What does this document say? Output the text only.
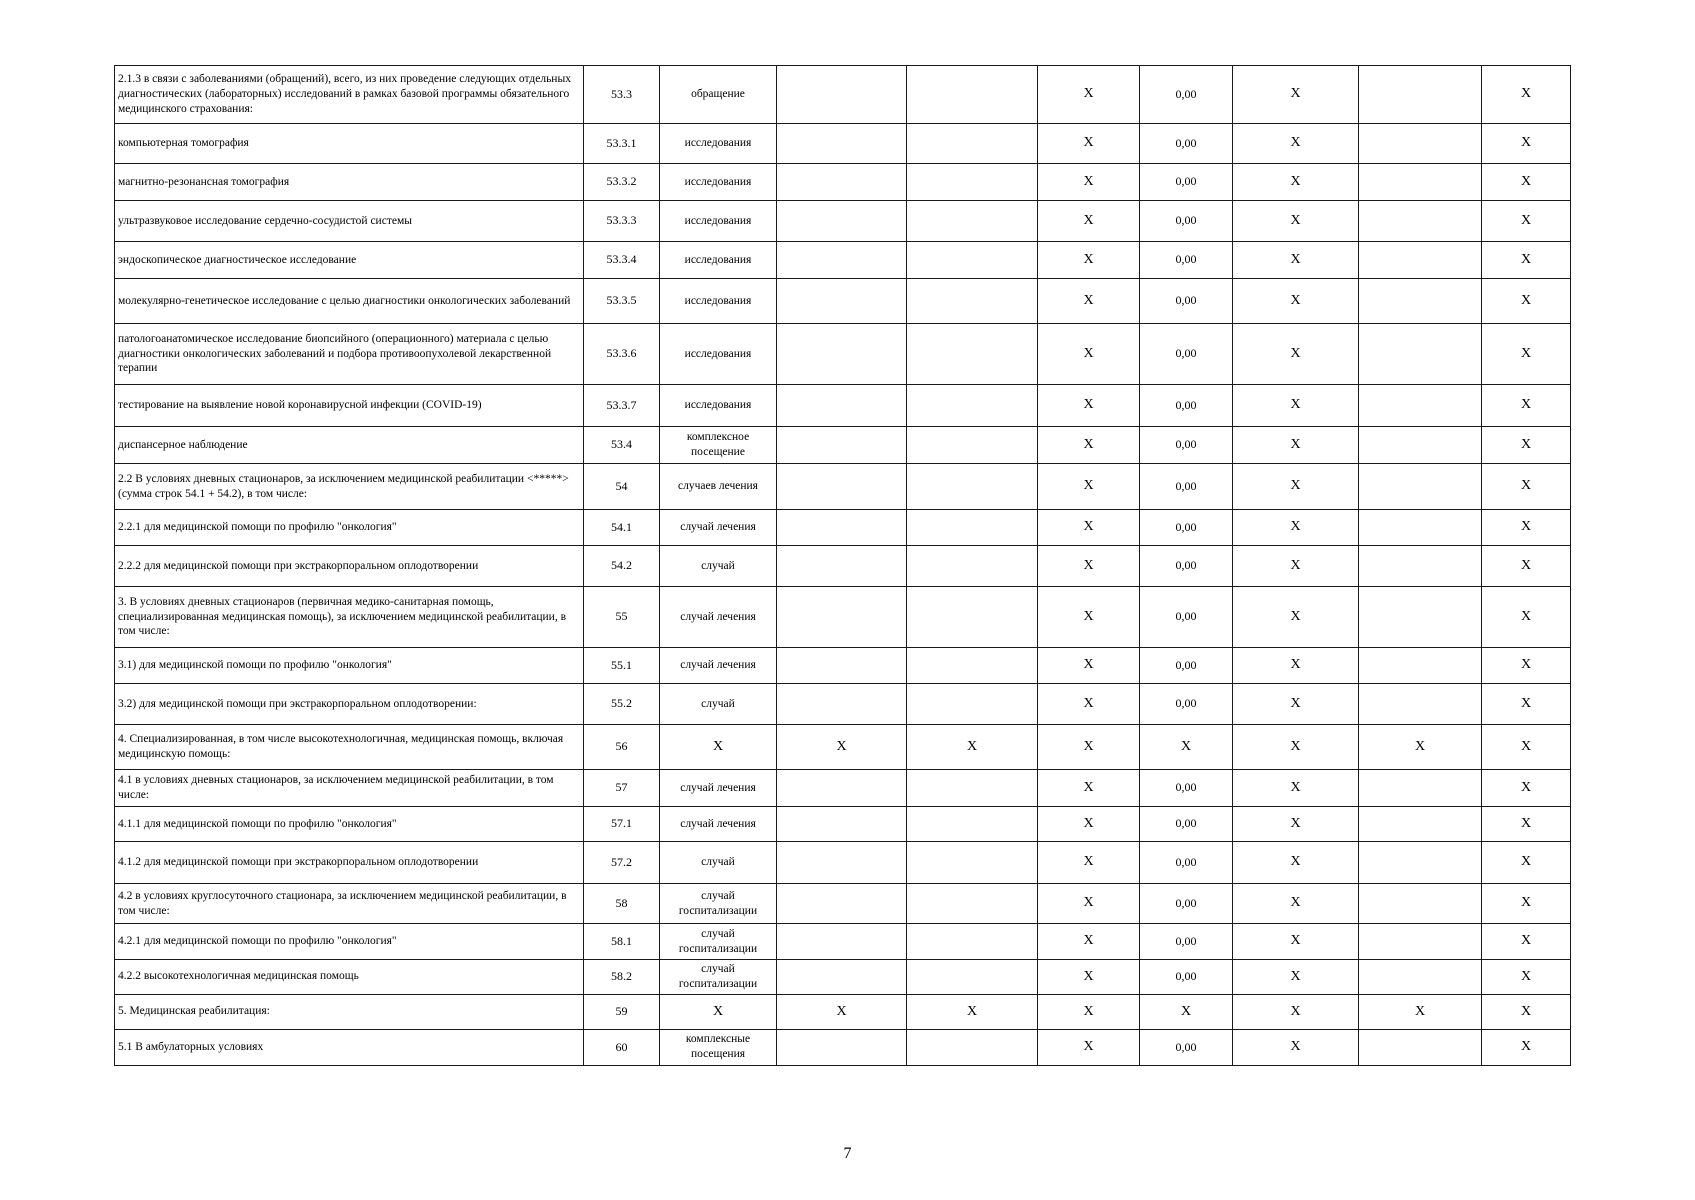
2.1.3 в связи с заболеваниями (обращений), всего, из них проведение следующих отдельных диагностических (лабораторных) исследований в рамках базовой программы обязательного медицинского страхования:	53.3	обращение			Х	0,00	Х		Х
компьютерная томография	53.3.1	исследования			Х	0,00	Х		Х
магнитно-резонансная томография	53.3.2	исследования			Х	0,00	Х		Х
ультразвуковое исследование сердечно-сосудистой системы	53.3.3	исследования			Х	0,00	Х		Х
эндоскопическое диагностическое исследование	53.3.4	исследования			Х	0,00	Х		Х
молекулярно-генетическое исследование с целью диагностики онкологических заболеваний	53.3.5	исследования			Х	0,00	Х		Х
патологоанатомическое исследование биопсийного (операционного) материала с целью диагностики онкологических заболеваний и подбора противоопухолевой лекарственной терапии	53.3.6	исследования			Х	0,00	Х		Х
тестирование на выявление новой коронавирусной инфекции (COVID-19)	53.3.7	исследования			Х	0,00	Х		Х
диспансерное наблюдение	53.4	комплексное посещение			Х	0,00	Х		Х
2.2 В условиях дневных стационаров, за исключением медицинской реабилитации <*****> (сумма строк 54.1 + 54.2), в том числе:	54	случаев лечения			Х	0,00	Х		Х
2.2.1 для медицинской помощи по профилю "онкология"	54.1	случай лечения			Х	0,00	Х		Х
2.2.2 для медицинской помощи при экстракорпоральном оплодотворении	54.2	случай			Х	0,00	Х		Х
3. В условиях дневных стационаров (первичная медико-санитарная помощь, специализированная медицинская помощь), за исключением медицинской реабилитации, в том числе:	55	случай лечения			Х	0,00	Х		Х
3.1) для медицинской помощи по профилю "онкология"	55.1	случай лечения			Х	0,00	Х		Х
3.2) для медицинской помощи при экстракорпоральном оплодотворении:	55.2	случай			Х	0,00	Х		Х
4. Специализированная, в том числе высокотехнологичная, медицинская помощь, включая медицинскую помощь:	56	Х	Х	Х	Х	Х	Х	Х	Х
4.1 в условиях дневных стационаров, за исключением медицинской реабилитации, в том числе:	57	случай лечения			Х	0,00	Х		Х
4.1.1 для медицинской помощи по профилю "онкология"	57.1	случай лечения			Х	0,00	Х		Х
4.1.2 для медицинской помощи при экстракорпоральном оплодотворении	57.2	случай			Х	0,00	Х		Х
4.2 в условиях круглосуточного стационара, за исключением медицинской реабилитации, в том числе:	58	случай госпитализации			Х	0,00	Х		Х
4.2.1 для медицинской помощи по профилю "онкология"	58.1	случай госпитализации			Х	0,00	Х		Х
4.2.2 высокотехнологичная медицинская помощь	58.2	случай госпитализации			Х	0,00	Х		Х
5. Медицинская реабилитация:	59	Х	Х	Х	Х	Х	Х	Х	Х
5.1 В амбулаторных условиях	60	комплексные посещения			Х	0,00	Х		Х
7
